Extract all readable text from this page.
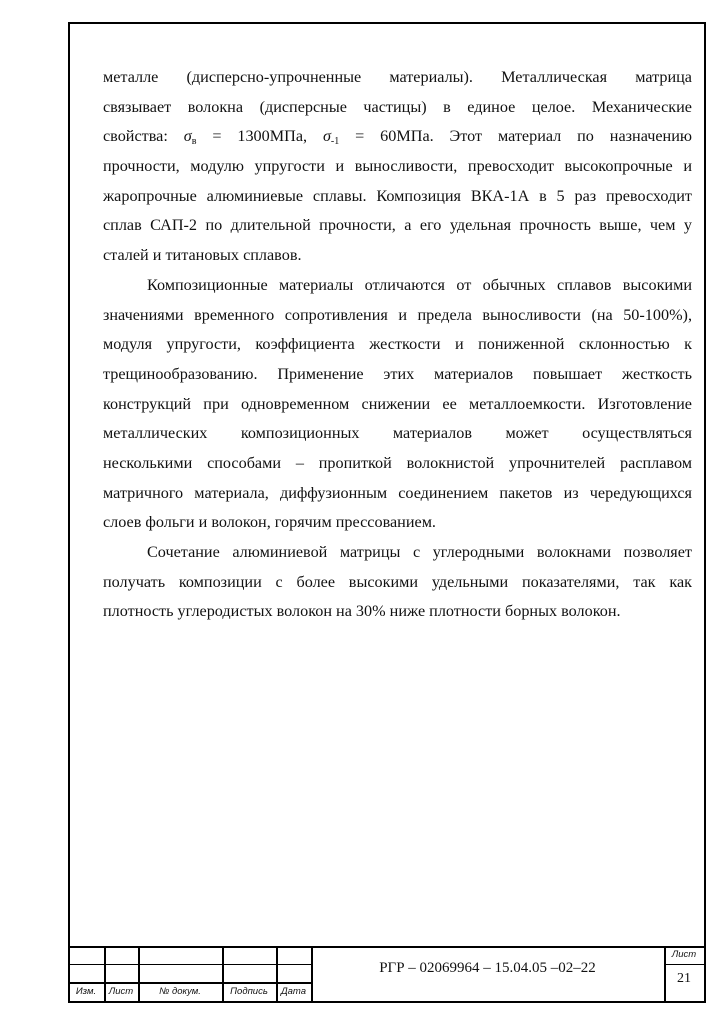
металле (дисперсно-упрочненные материалы). Металлическая матрица
связывает волокна (дисперсные частицы) в единое целое. Механические
свойства: $\sigma_в = 1300МПа$, $\sigma_{-1} = 60МПа$. Этот материал по назначению
прочности, модулю упругости и выносливости, превосходит высокопрочные и
жаропрочные алюминиевые сплавы. Композиция ВКА-1А в 5 раз превосходит
сплав САП-2 по длительной прочности, а его удельная прочность выше, чем у
сталей и титановых сплавов.
Композиционные материалы отличаются от обычных сплавов высокими
значениями временного сопротивления и предела выносливости (на 50-100%),
модуля упругости, коэффициента жесткости и пониженной склонностью к
трещинообразованию. Применение этих материалов повышает жесткость
конструкций при одновременном снижении ее металлоемкости. Изготовление
металлических композиционных материалов может осуществляться
несколькими способами – пропиткой волокнистой упрочнителей расплавом
матричного материала, диффузионным соединением пакетов из чередующихся
слоев фольги и волокон, горячим прессованием.
Сочетание алюминиевой матрицы с углеродными волокнами позволяет
получать композиции с более высокими удельными показателями, так как
плотность углеродистых волокон на 30% ниже плотности борных волокон.
Изм.	Лист	№ докум.	Подпись	Дата
РГР – 02069964 – 15.04.05 –02–22
Лист
21
